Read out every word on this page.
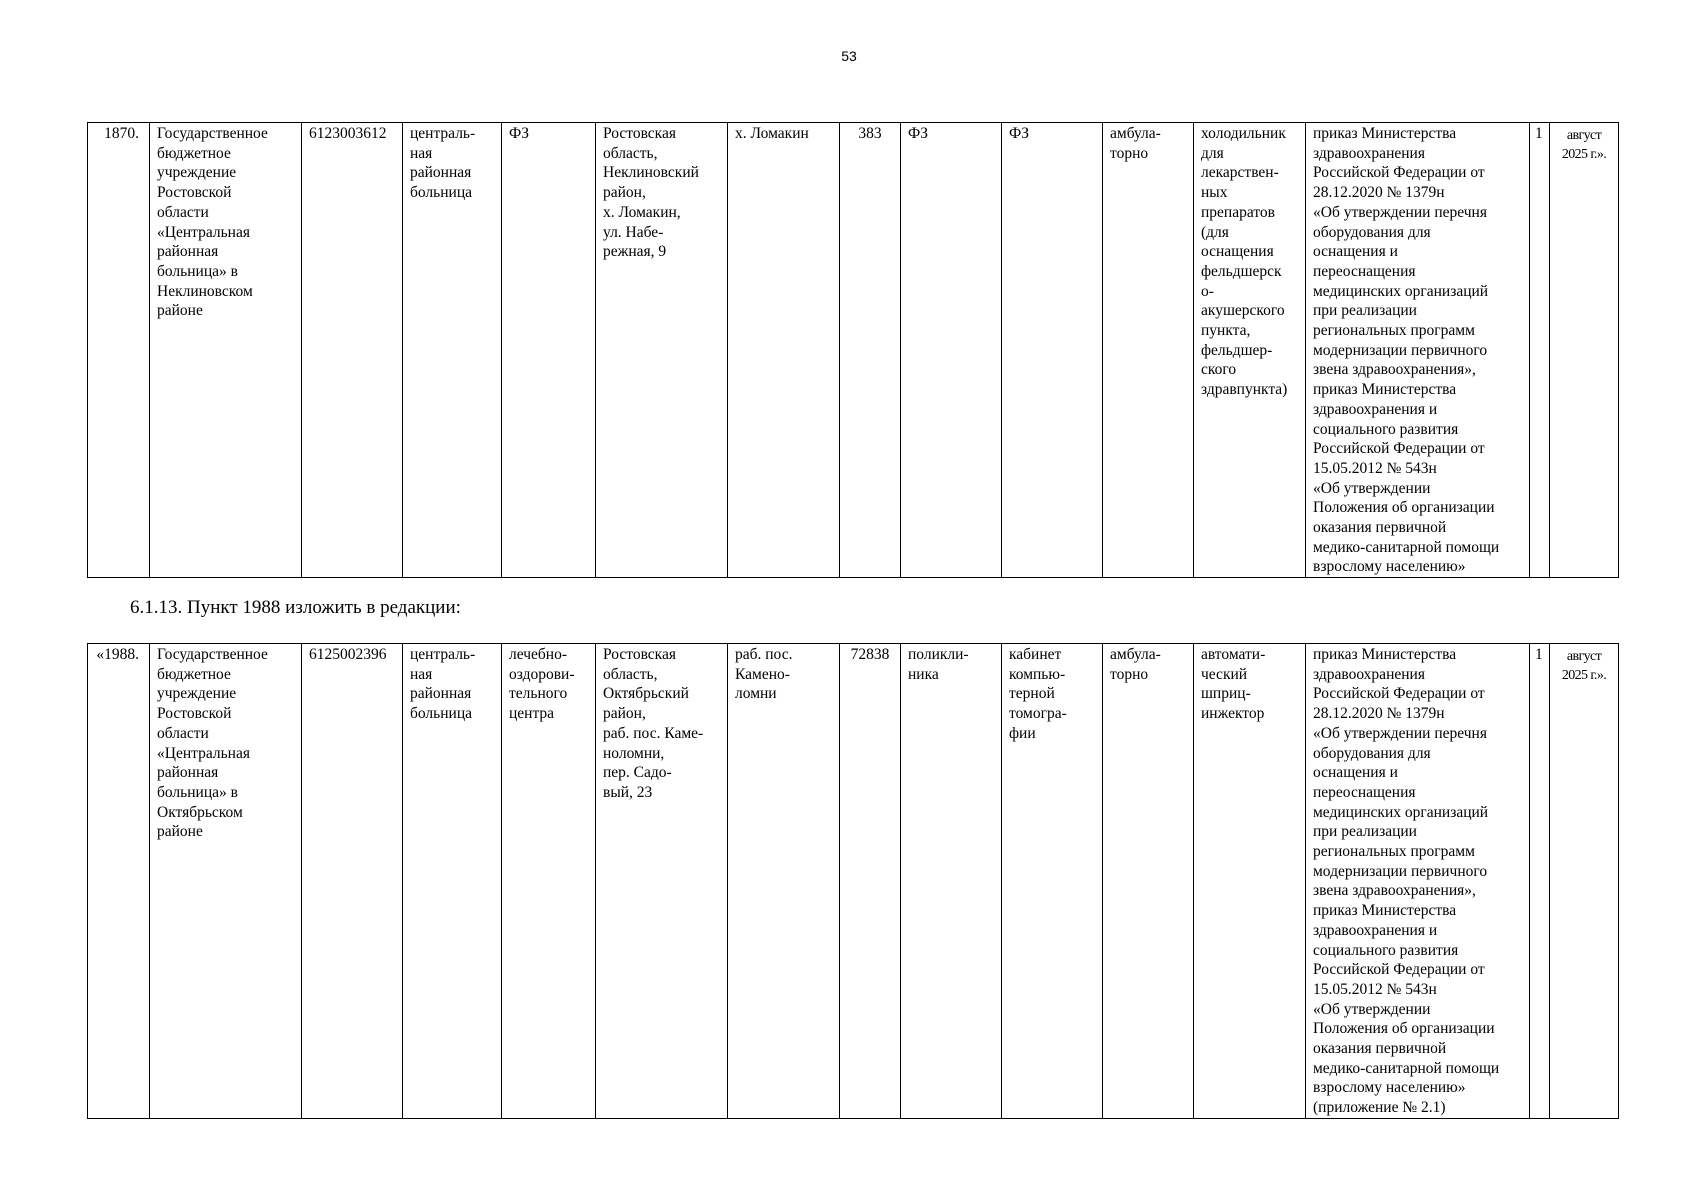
53
1870.	Государственное
бюджетное
учреждение
Ростовской
области
«Центральная
районная
больница» в
Неклиновском
районе	6123003612	централь-
ная
районная
больница	ФЗ	Ростовская
область,
Неклиновский
район,
х. Ломакин,
ул. Набе-
режная, 9	х. Ломакин	383	ФЗ	ФЗ	амбула-
торно	холодильник
для
лекарствен-
ных
препаратов
(для
оснащения
фельдшерск
о-
акушерского
пункта,
фельдшер-
ского
здравпункта)	приказ Министерства
здравоохранения
Российской Федерации от
28.12.2020 № 1379н
«Об утверждении перечня
оборудования для
оснащения и
переоснащения
медицинских организаций
при реализации
региональных программ
модернизации первичного
звена здравоохранения»,
приказ Министерства
здравоохранения и
социального развития
Российской Федерации от
15.05.2012 № 543н
«Об утверждении
Положения об организации
оказания первичной
медико-санитарной помощи
взрослому населению»	1	август
2025 г.».
6.1.13. Пункт 1988 изложить в редакции:
«1988.	Государственное
бюджетное
учреждение
Ростовской
области
«Центральная
районная
больница» в
Октябрьском
районе	6125002396	централь-
ная
районная
больница	лечебно-
оздорови-
тельного
центра	Ростовская
область,
Октябрьский
район,
раб. пос. Каме-
ноломни,
пер. Садо-
вый, 23	раб. пос.
Камено-
ломни	72838	поликли-
ника	кабинет
компью-
терной
томогра-
фии	амбула-
торно	автомати-
ческий
шприц-
инжектор	приказ Министерства
здравоохранения
Российской Федерации от
28.12.2020 № 1379н
«Об утверждении перечня
оборудования для
оснащения и
переоснащения
медицинских организаций
при реализации
региональных программ
модернизации первичного
звена здравоохранения»,
приказ Министерства
здравоохранения и
социального развития
Российской Федерации от
15.05.2012 № 543н
«Об утверждении
Положения об организации
оказания первичной
медико-санитарной помощи
взрослому населению»
(приложение № 2.1)	1	август
2025 г.».
